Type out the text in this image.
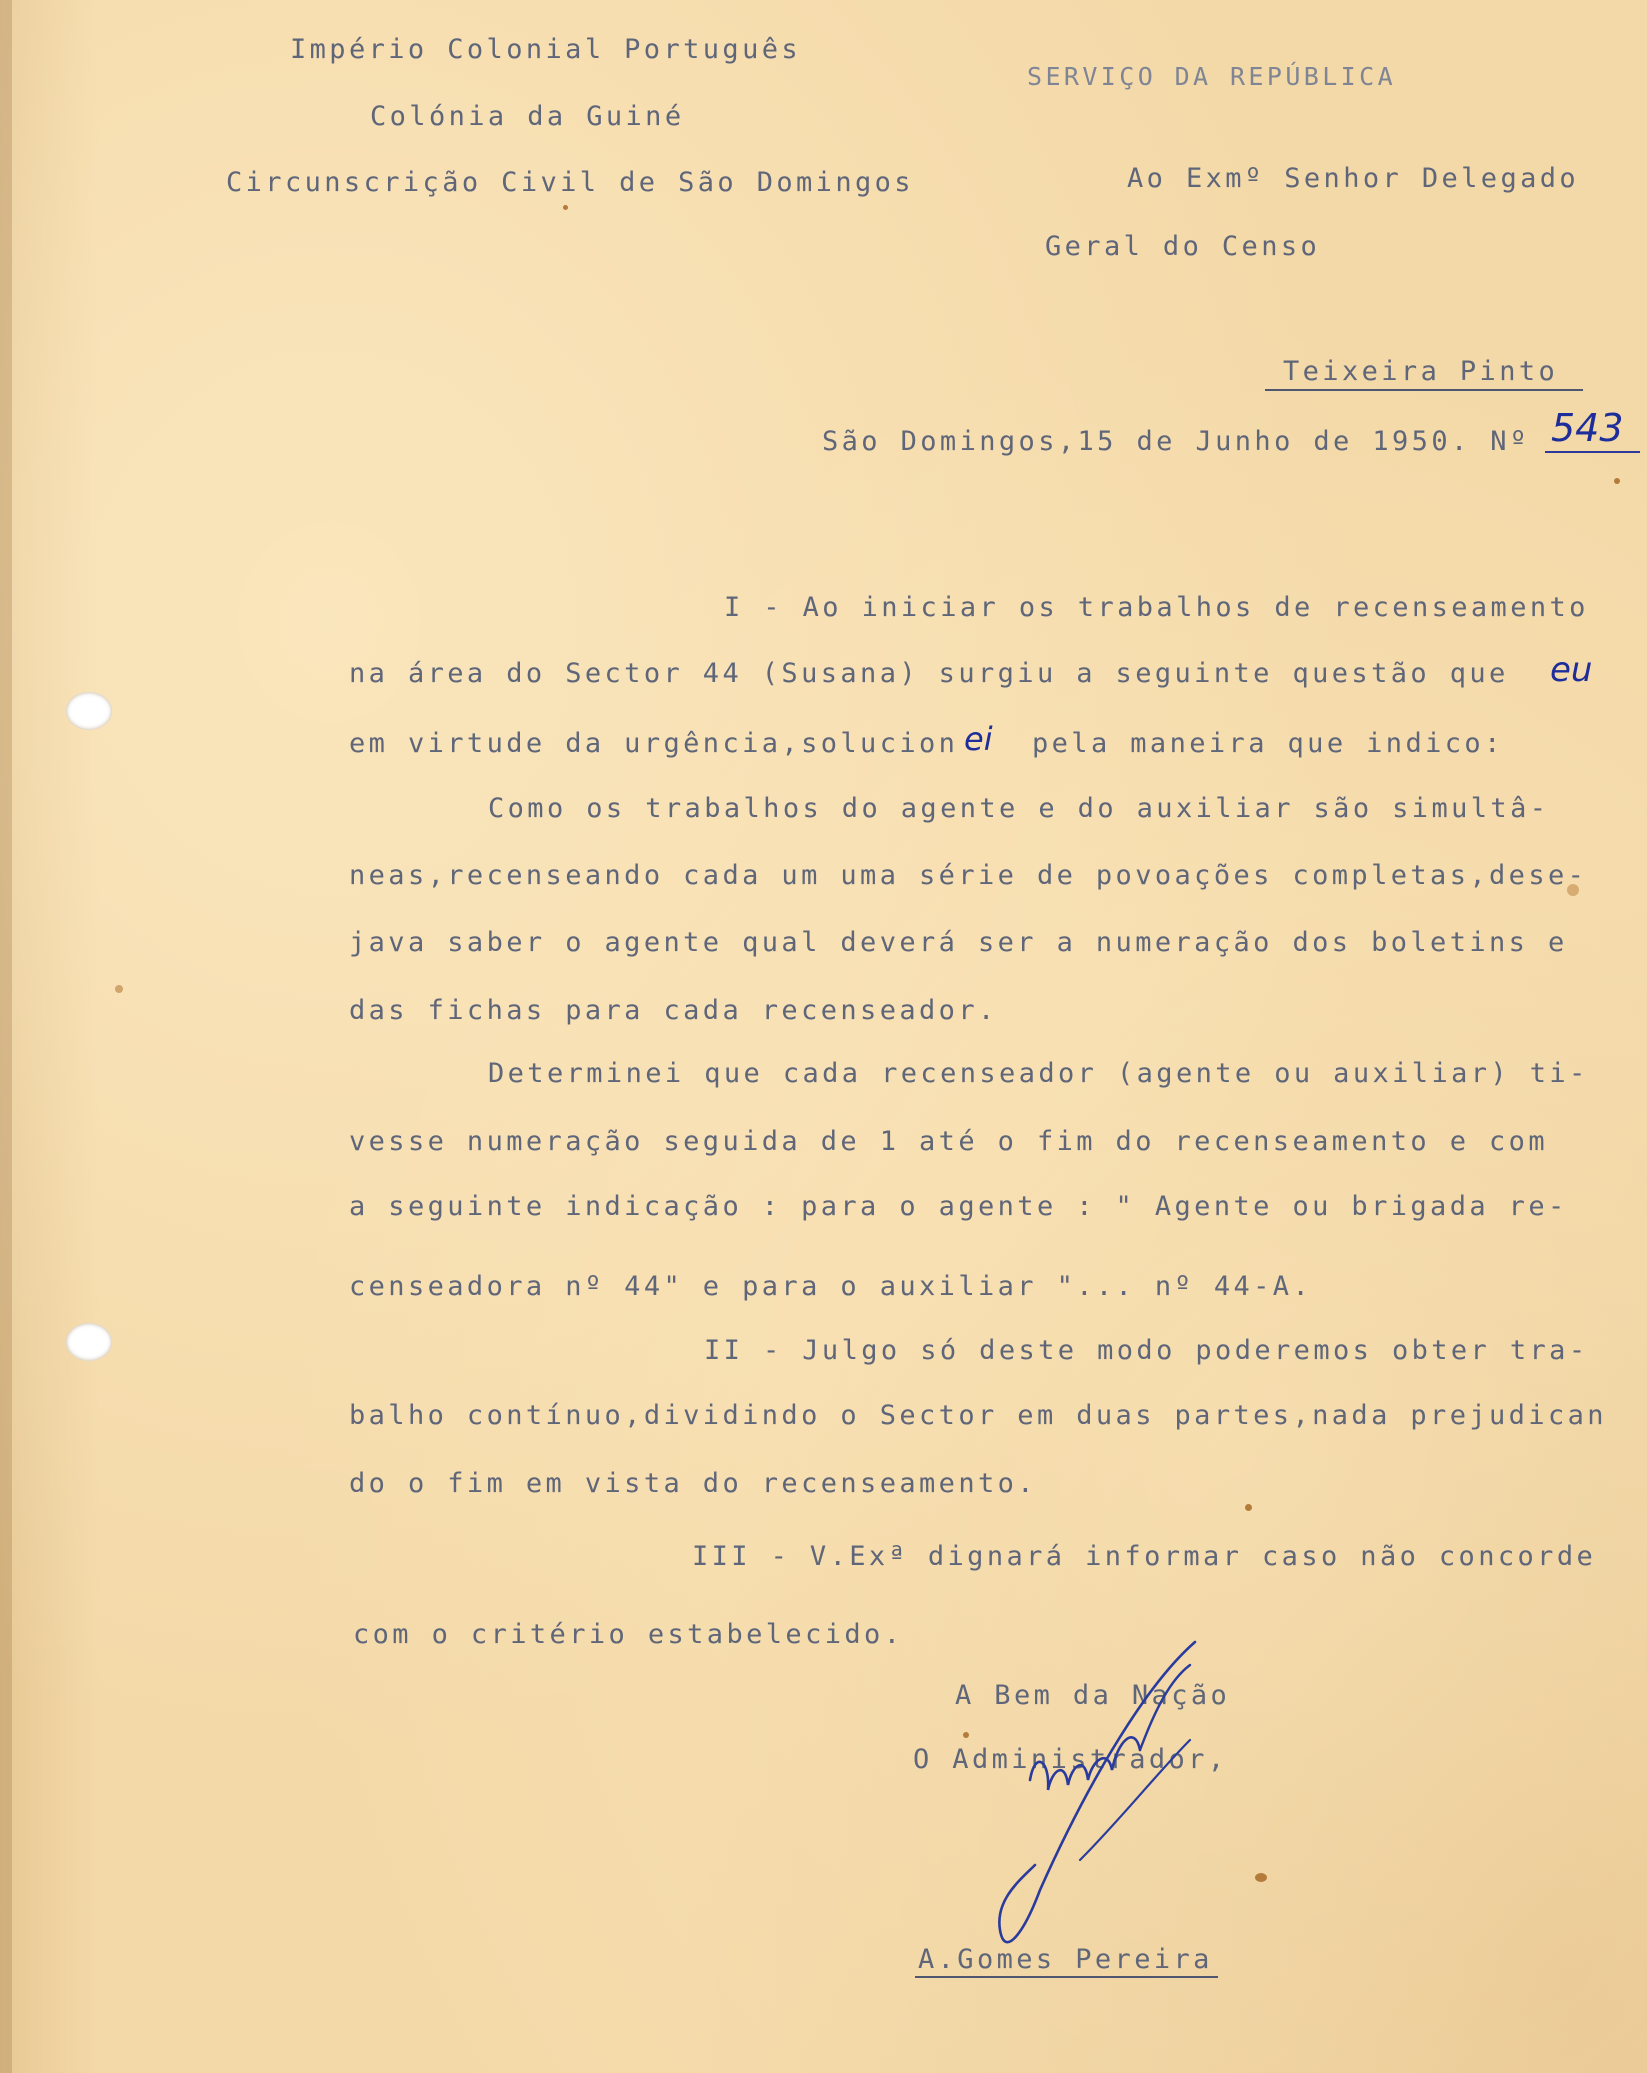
Império Colonial Português
Colónia da Guiné
Circunscrição Civil de São Domingos
SERVIÇO DA REPÚBLICA
Ao Exmº Senhor Delegado
Geral do Censo
Teixeira Pinto
São Domingos,15 de Junho de 1950. Nº 543
I - Ao iniciar os trabalhos de recenseamento
na área do Sector 44 (Susana) surgiu a seguinte questão que eu
em virtude da urgência,solucion ei pela maneira que indico:
Como os trabalhos do agente e do auxiliar são simultâ-
neas,recenseando cada um uma série de povoações completas,dese-
java saber o agente qual deverá ser a numeração dos boletins e
das fichas para cada recenseador.
Determinei que cada recenseador (agente ou auxiliar) ti-
vesse numeração seguida de 1 até o fim do recenseamento e com
a seguinte indicação : para o agente : " Agente ou brigada re-
censeadora nº 44" e para o auxiliar "... nº 44-A.
II - Julgo só deste modo poderemos obter tra-
balho contínuo,dividindo o Sector em duas partes,nada prejudican
do o fim em vista do recenseamento.
III - V.Exª dignará informar caso não concorde
com o critério estabelecido.
A Bem da Nação
O Administrador,
A.Gomes Pereira
